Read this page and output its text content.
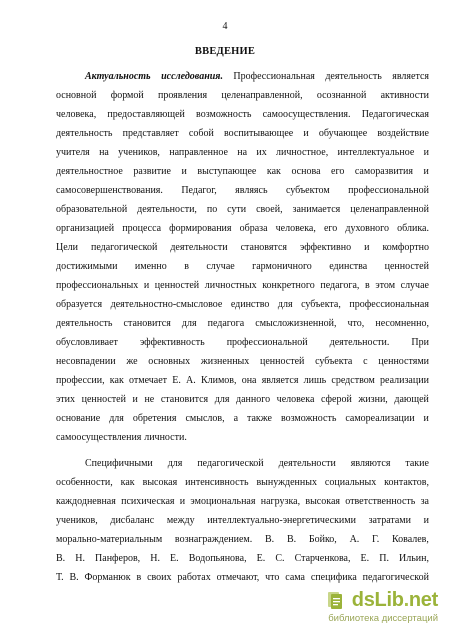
4
ВВЕДЕНИЕ
Актуальность исследования. Профессиональная деятельность является
основной формой проявления целенаправленной, осознанной активности
человека, предоставляющей возможность самоосуществления. Педагогическая
деятельность представляет собой воспитывающее и обучающее воздействие
учителя на учеников, направленное на их личностное, интеллектуальное и
деятельностное развитие и выступающее как основа его саморазвития и
самосовершенствования. Педагог, являясь субъектом профессиональной
образовательной деятельности, по сути своей, занимается целенаправленной
организацией процесса формирования образа человека, его духовного облика.
Цели педагогической деятельности становятся эффективно и комфортно
достижимыми именно в случае гармоничного единства ценностей
профессиональных и ценностей личностных конкретного педагога, в этом случае
образуется деятельностно-смысловое единство для субъекта, профессиональная
деятельность становится для педагога смысложизненной, что, несомненно,
обусловливает эффективность профессиональной деятельности. При
несовпадении же основных жизненных ценностей субъекта с ценностями
профессии, как отмечает Е. А. Климов, она является лишь средством реализации
этих ценностей и не становится для данного человека сферой жизни, дающей
основание для обретения смыслов, а также возможность самореализации и
самоосуществления личности.
Специфичными для педагогической деятельности являются такие
особенности, как высокая интенсивность вынужденных социальных контактов,
каждодневная психическая и эмоциональная нагрузка, высокая ответственность за
учеников, дисбаланс между интеллектуально-энергетическими затратами и
морально-материальным вознаграждением. В. В. Бойко, А. Г. Ковалев,
В. Н. Панферов, Н. Е. Водопьянова, Е. С. Старченкова, Е. П. Ильин,
Т. В. Форманюк в своих работах отмечают, что сама специфика педагогической
dsLib.net
библиотека диссертаций
